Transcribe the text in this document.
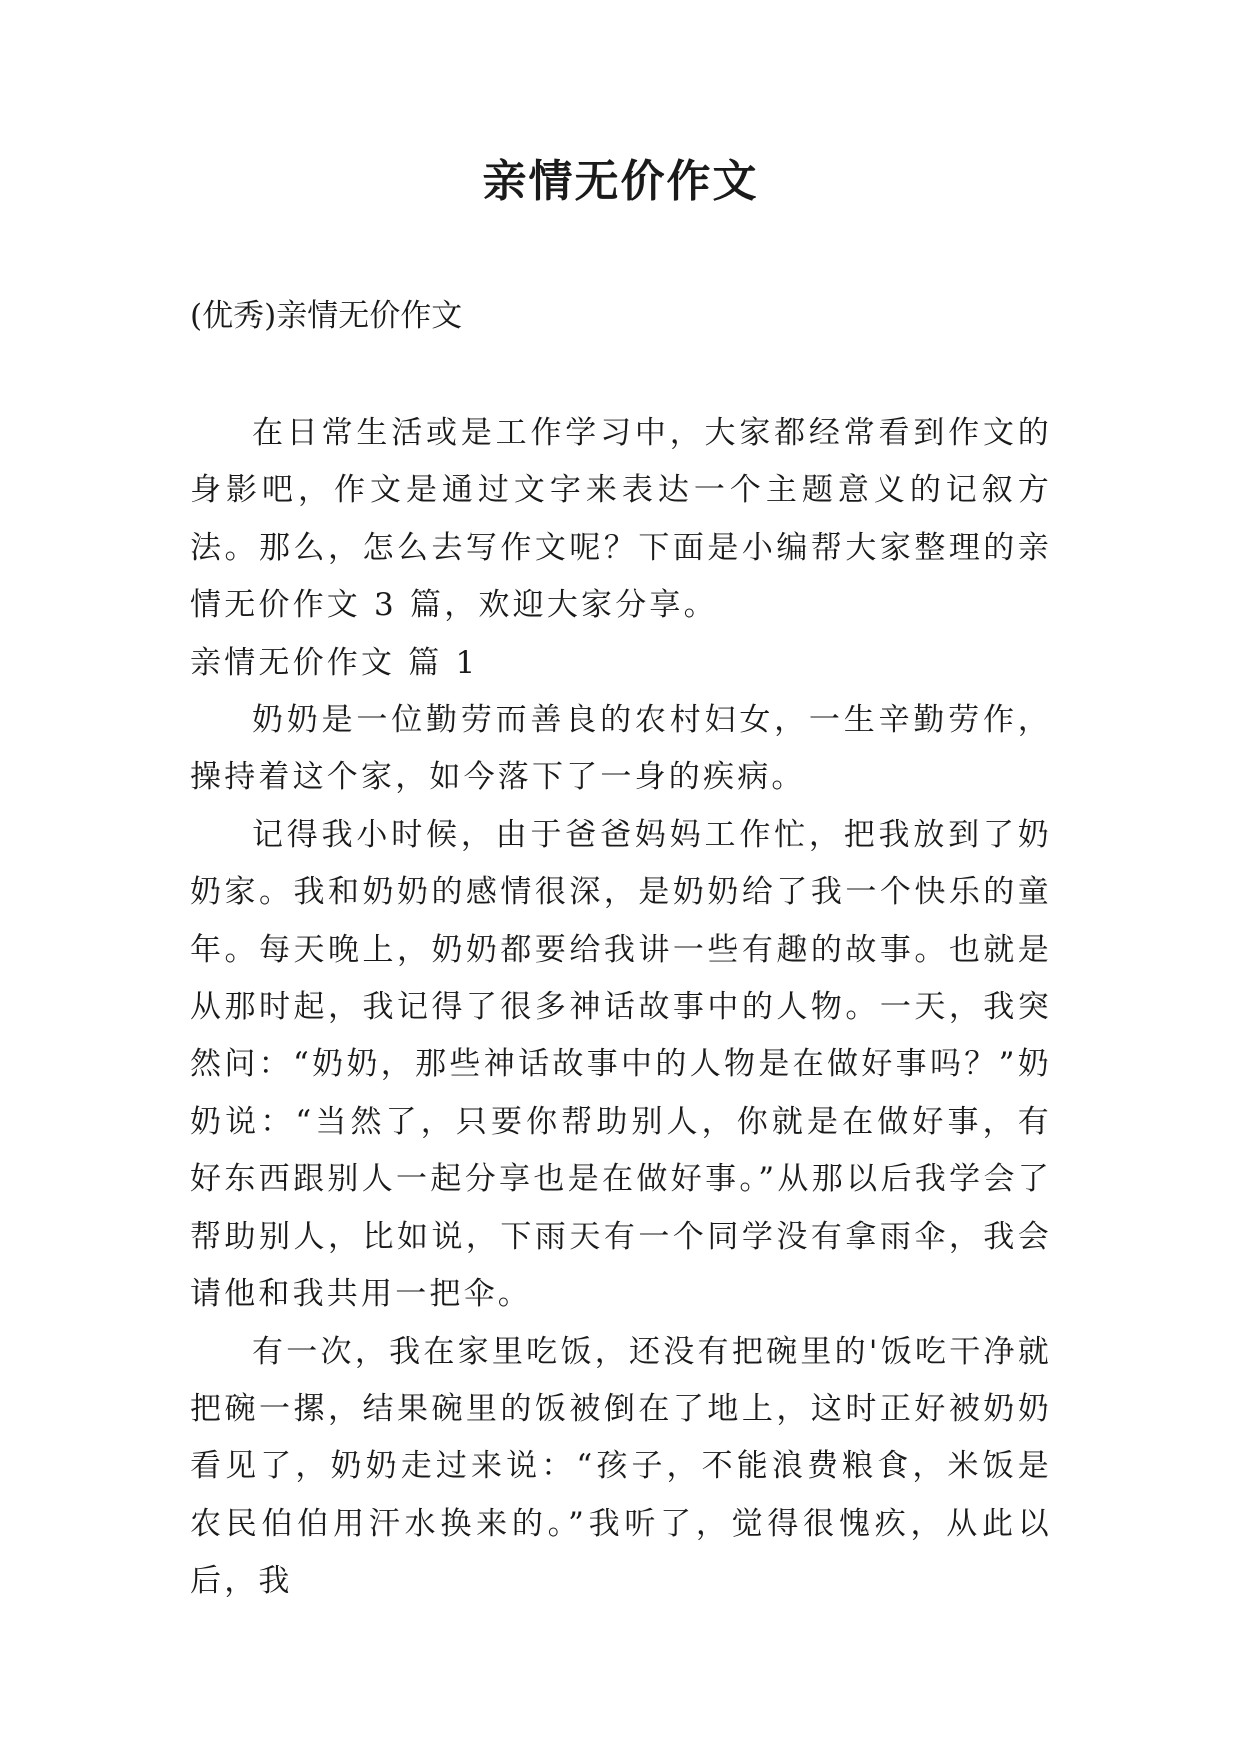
亲情无价作文

(优秀)亲情无价作文

在日常生活或是工作学习中，大家都经常看到作文的身影吧，作文是通过文字来表达一个主题意义的记叙方法。那么，怎么去写作文呢？下面是小编帮大家整理的亲情无价作文 3 篇，欢迎大家分享。

亲情无价作文 篇 1

奶奶是一位勤劳而善良的农村妇女，一生辛勤劳作，操持着这个家，如今落下了一身的疾病。

记得我小时候，由于爸爸妈妈工作忙，把我放到了奶奶家。我和奶奶的感情很深，是奶奶给了我一个快乐的童年。每天晚上，奶奶都要给我讲一些有趣的故事。也就是从那时起，我记得了很多神话故事中的人物。一天，我突然问：“奶奶，那些神话故事中的人物是在做好事吗？”奶奶说：“当然了，只要你帮助别人，你就是在做好事，有好东西跟别人一起分享也是在做好事。”从那以后我学会了帮助别人，比如说，下雨天有一个同学没有拿雨伞，我会请他和我共用一把伞。

有一次，我在家里吃饭，还没有把碗里的'饭吃干净就把碗一摞，结果碗里的饭被倒在了地上，这时正好被奶奶看见了，奶奶走过来说：“孩子，不能浪费粮食，米饭是农民伯伯用汗水换来的。”我听了，觉得很愧疚，从此以后，我
